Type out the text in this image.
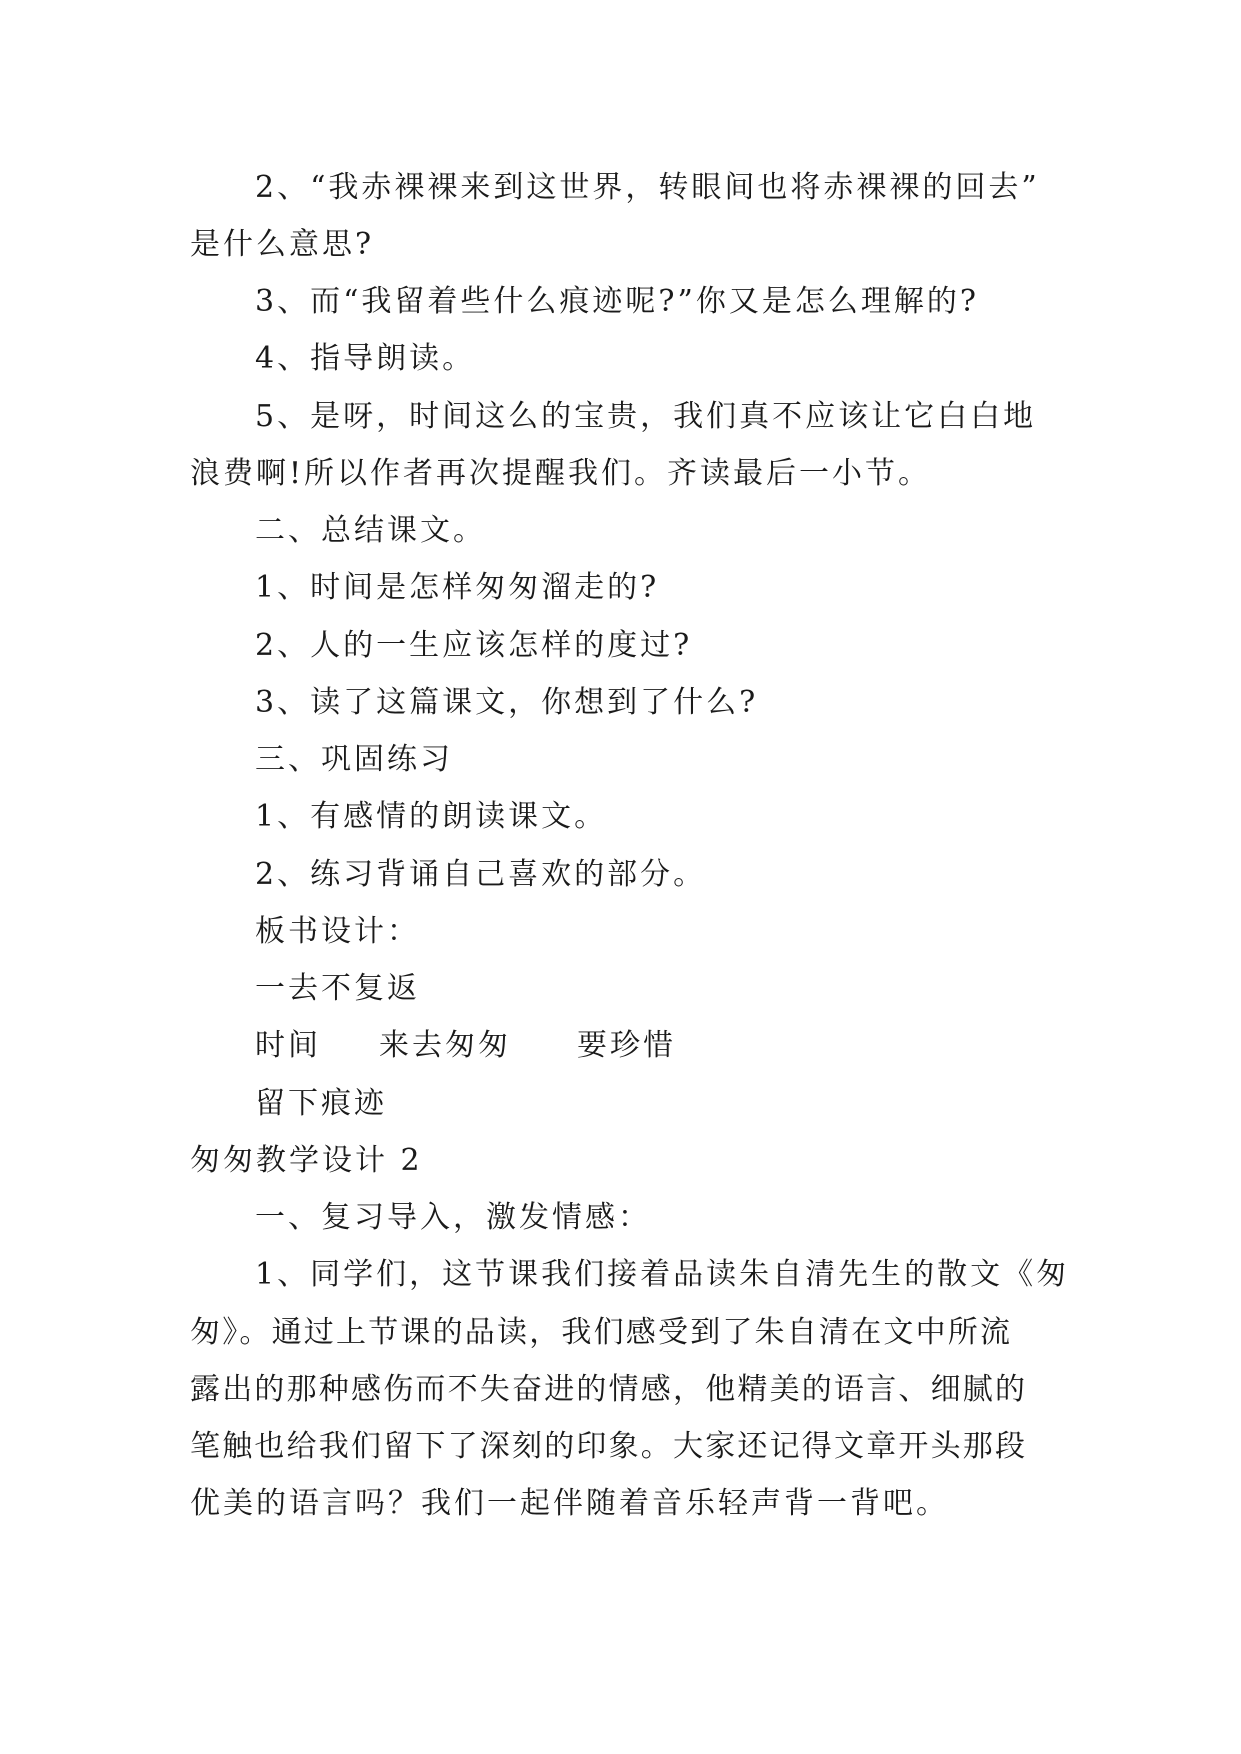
2、“我赤裸裸来到这世界，转眼间也将赤裸裸的回去”
是什么意思?
3、而“我留着些什么痕迹呢?”你又是怎么理解的?
4、指导朗读。
5、是呀，时间这么的宝贵，我们真不应该让它白白地
浪费啊!所以作者再次提醒我们。齐读最后一小节。
二、总结课文。
1、时间是怎样匆匆溜走的?
2、人的一生应该怎样的度过?
3、读了这篇课文，你想到了什么?
三、巩固练习
1、有感情的朗读课文。
2、练习背诵自己喜欢的部分。
板书设计：
一去不复返
时间 来去匆匆 要珍惜
留下痕迹
匆匆教学设计 2
一、复习导入，激发情感：
1、同学们，这节课我们接着品读朱自清先生的散文《匆
匆》。通过上节课的品读，我们感受到了朱自清在文中所流
露出的那种感伤而不失奋进的情感，他精美的语言、细腻的
笔触也给我们留下了深刻的印象。大家还记得文章开头那段
优美的语言吗？我们一起伴随着音乐轻声背一背吧。
